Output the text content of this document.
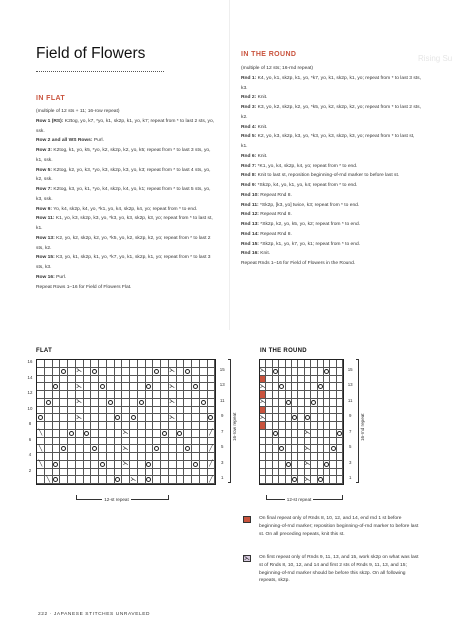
Field of Flowers
IN FLAT

(multiple of 12 sts + 11; 16-row repeat)

Row 1 (RS): K2tog, yo, k7, *yo, k1, sk2p, k1, yo, k7; repeat from * to last 2 sts, yo, ssk.

Row 2 and all WS Rows: Purl.

Row 3: K2tog, k1, yo, k5, *yo, k2, sk2p, k2, yo, k5; repeat from * to last 3 sts, yo, k1, ssk.

Row 5: K2tog, k2, yo, k3, *yo, k3, sk2p, k3, yo, k3; repeat from * to last 4 sts, yo, k2, ssk.

Row 7: K2tog, k3, yo, k1, *yo, k4, sk2p, k4, yo, k1; repeat from * to last 5 sts, yo, k3, ssk.

Row 9: Yo, k4, sk2p, k4, yo, *k1, yo, k4, sk2p, k4, yo; repeat from * to end.

Row 11: K1, yo, k3, sk2p, k3, yo, *k3, yo, k3, sk2p, k3, yo; repeat from * to last st, k1.

Row 13: K2, yo, k2, sk2p, k2, yo, *k5, yo, k2, sk2p, k2, yo; repeat from * to last 2 sts, k2.

Row 15: K3, yo, k1, sk2p, k1, yo, *k7, yo, k1, sk2p, k1, yo; repeat from * to last 3 sts, k3.

Row 16: Purl.

Repeat Rows 1–16 for Field of Flowers Flat.

Rising Su
IN THE ROUND

(multiple of 12 sts; 16-rnd repeat)

Rnd 1: K4, yo, k1, sk2p, k1, yo, *k7, yo, k1, sk2p, k1, yo; repeat from * to last 3 sts, k3.

Rnd 2: Knit.

Rnd 3: K3, yo, k2, sk2p, k2, yo, *k5, yo, k2, sk2p, k2, yo; repeat from * to last 2 sts, k2.

Rnd 4: Knit.

Rnd 5: K2, yo, k3, sk2p, k3, yo, *k3, yo, k3, sk2p, k3, yo; repeat from * to last st, k1.

Rnd 6: Knit.

Rnd 7: *K1, yo, k4, sk2p, k4, yo; repeat from * to end.

Rnd 8: Knit to last st, reposition beginning-of-rnd marker to before last st.

Rnd 9: *Sk2p, k4, yo, k1, yo, k4; repeat from * to end.

Rnd 10: Repeat Rnd 8.

Rnd 11: *Sk2p, [k3, yo] twice, k3; repeat from * to end.

Rnd 12: Repeat Rnd 8.

Rnd 13: *Sk2p, k2, yo, k5, yo, k2; repeat from * to end.

Rnd 14: Repeat Rnd 8.

Rnd 15: *Sk2p, k1, yo, k7, yo, k1; repeat from * to end.

Rnd 16: Knit.

Repeat Rnds 1–16 for Field of Flowers in the Round.

FLAT	IN THE ROUND
⋋	⋋
⋋	⋋
⋋	⋋
⋋	⋋
╲	⋋	╱
╲	⋋	╱
╲	⋋	╱
╲	⋋	╱
16
14
12
10
8
6
4
2
15
13
11
9
7
5
3
1
12-st repeat
16-row repeat
⋋
⋋
⋋
⋋
⋋
⋋
⋋
⋋
15
13
11
9
7
5
3
1
12-st repeat
16-rnd repeat
On final repeat only of Rnds 8, 10, 12, and 14, end rnd 1 st before beginning-of-rnd marker; reposition beginning-of-rnd marker to before last st. On all preceding repeats, knit this st.
⋋ On first repeat only of Rnds 9, 11, 13, and 15, work sk2p on what was last st of Rnds 8, 10, 12, and 14 and first 2 sts of Rnds 9, 11, 13, and 15; beginning-of-rnd marker should be before this sk2p. On all following repeats, sk2p.
222 · JAPANESE STITCHES UNRAVELED
